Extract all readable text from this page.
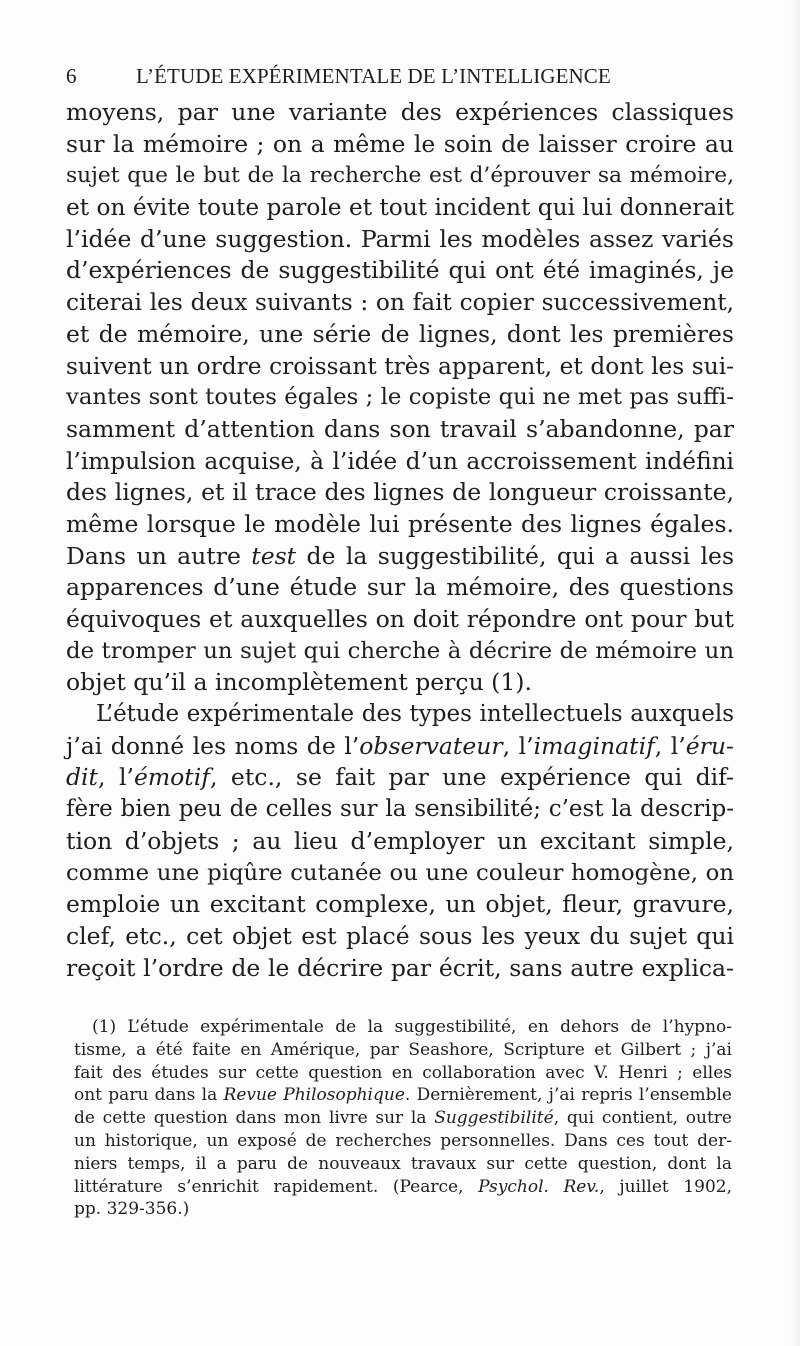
6	L’ÉTUDE EXPÉRIMENTALE DE L’INTELLIGENCE
moyens, par une variante des expériences classiques
sur la mémoire ; on a même le soin de laisser croire au
sujet que le but de la recherche est d’éprouver sa mémoire,
et on évite toute parole et tout incident qui lui donnerait
l’idée d’une suggestion. Parmi les modèles assez variés
d’expériences de suggestibilité qui ont été imaginés, je
citerai les deux suivants : on fait copier successivement,
et de mémoire, une série de lignes, dont les premières
suivent un ordre croissant très apparent, et dont les sui-
vantes sont toutes égales ; le copiste qui ne met pas suffi-
samment d’attention dans son travail s’abandonne, par
l’impulsion acquise, à l’idée d’un accroissement indéfini
des lignes, et il trace des lignes de longueur croissante,
même lorsque le modèle lui présente des lignes égales.
Dans un autre test de la suggestibilité, qui a aussi les
apparences d’une étude sur la mémoire, des questions
équivoques et auxquelles on doit répondre ont pour but
de tromper un sujet qui cherche à décrire de mémoire un
objet qu’il a incomplètement perçu (1).
L’étude expérimentale des types intellectuels auxquels
j’ai donné les noms de l’observateur, l’imaginatif, l’éru-
dit, l’émotif, etc., se fait par une expérience qui dif-
fère bien peu de celles sur la sensibilité; c’est la descrip-
tion d’objets ; au lieu d’employer un excitant simple,
comme une piqûre cutanée ou une couleur homogène, on
emploie un excitant complexe, un objet, fleur, gravure,
clef, etc., cet objet est placé sous les yeux du sujet qui
reçoit l’ordre de le décrire par écrit, sans autre explica-
(1) L’étude expérimentale de la suggestibilité, en dehors de l’hypno-
tisme, a été faite en Amérique, par Seashore, Scripture et Gilbert ; j’ai
fait des études sur cette question en collaboration avec V. Henri ; elles
ont paru dans la Revue Philosophique. Dernièrement, j’ai repris l’ensemble
de cette question dans mon livre sur la Suggestibilité, qui contient, outre
un historique, un exposé de recherches personnelles. Dans ces tout der-
niers temps, il a paru de nouveaux travaux sur cette question, dont la
littérature s’enrichit rapidement. (Pearce, Psychol. Rev., juillet 1902,
pp. 329-356.)
